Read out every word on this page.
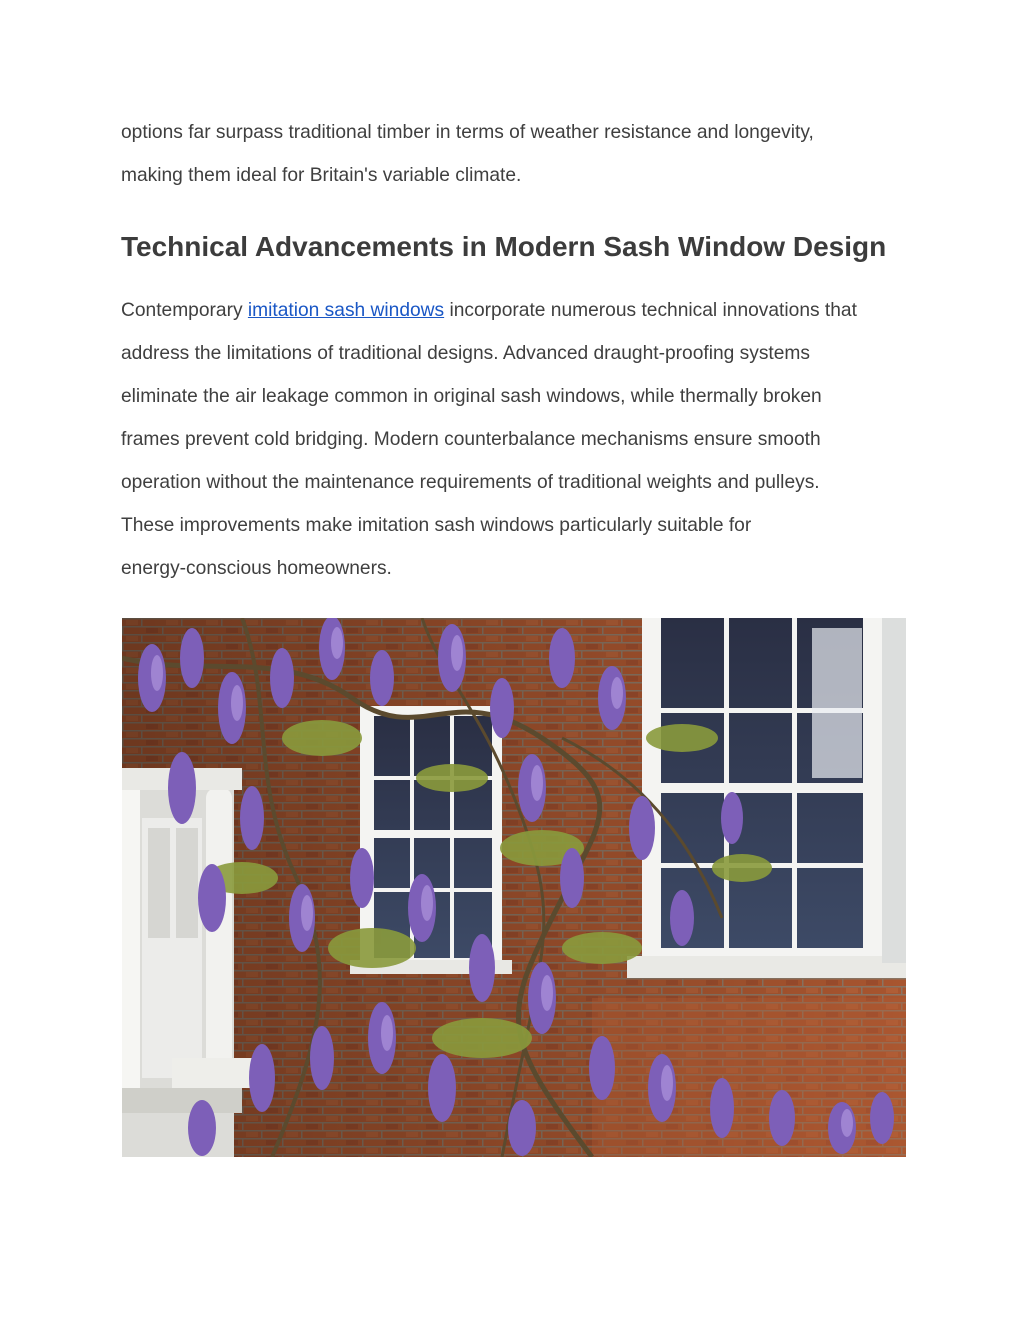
options far surpass traditional timber in terms of weather resistance and longevity,
making them ideal for Britain's variable climate.

Technical Advancements in Modern Sash Window Design

Contemporary imitation sash windows incorporate numerous technical innovations that
address the limitations of traditional designs. Advanced draught-proofing systems
eliminate the air leakage common in original sash windows, while thermally broken
frames prevent cold bridging. Modern counterbalance mechanisms ensure smooth
operation without the maintenance requirements of traditional weights and pulleys.
These improvements make imitation sash windows particularly suitable for
energy-conscious homeowners.
